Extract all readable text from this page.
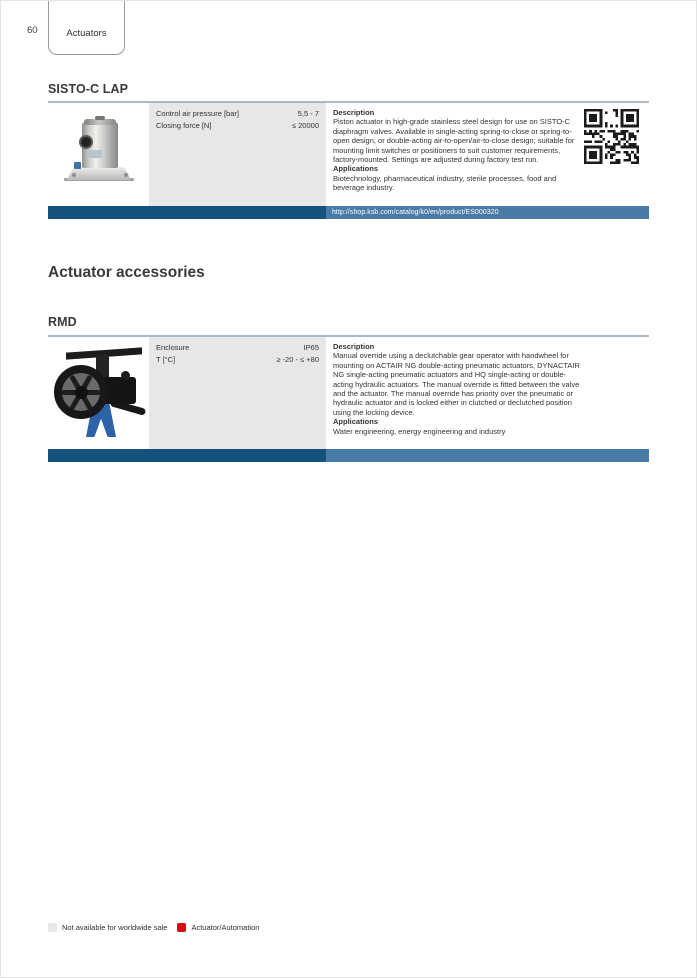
60	Actuators
SISTO-C LAP
Control air pressure [bar]	5,5 - 7
Closing force [N]	≤ 20000
Description
Piston actuator in high-grade stainless steel design for use on SISTO-C diaphragm valves. Available in single-acting spring-to-close or spring-to-open design, or double-acting air-to-open/air-to-close design; suitable for mounting limit switches or positioners to suit customer requirements, factory-mounted. Settings are adjusted during factory test run.
Applications
Biotechnology, pharmaceutical industry, sterile processes, food and beverage industry.
http://shop.ksb.com/catalog/k0/en/product/ES000320
Actuator accessories
RMD
Enclosure	IP65
T [°C]	≥ -20 - ≤ +80
Description
Manual override using a declutchable gear operator with handwheel for mounting on ACTAIR NG double-acting pneumatic actuators, DYNACTAIR NG single-acting pneumatic actuators and HQ single-acting or double-acting hydraulic actuators. The manual override is fitted between the valve and the actuator. The manual override has priority over the pneumatic or hydraulic actuator and is locked either in clutched or declutched position using the locking device.
Applications
Water engineering, energy engineering and industry
Not available for worldwide sale	Actuator/Automation
